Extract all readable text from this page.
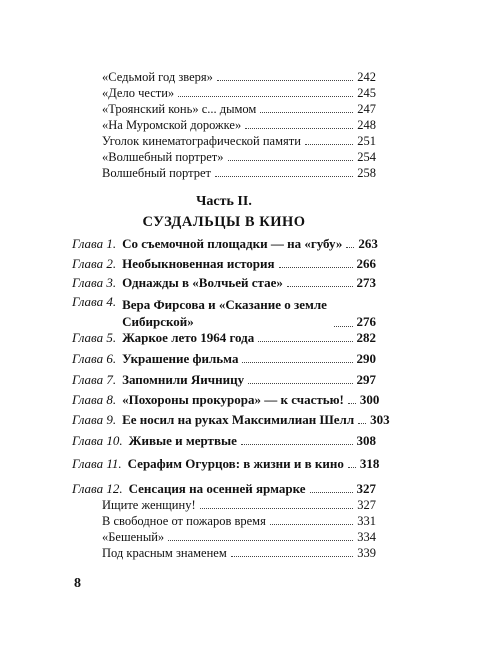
«Седьмой год зверя»	242
«Дело чести»	245
«Троянский конь» с... дымом	247
«На Муромской дорожке»	248
Уголок кинематографической памяти	251
«Волшебный портрет»	254
Волшебный портрет	258
Часть II.
СУЗДАЛЬЦЫ В КИНО
Глава 1. Со съемочной площадки — на «губу» 263
Глава 2. Необыкновенная история	266
Глава 3. Однажды в «Волчьей стае»	273
Глава 4. Вера Фирсова и «Сказание о земле Сибирской»	276
Глава 5. Жаркое лето 1964 года	282
Глава 6. Украшение фильма	290
Глава 7. Запомнили Яичницу	297
Глава 8. «Похороны прокурора» — к счастью! 300
Глава 9. Ее носил на руках Максимилиан Шелл 303
Глава 10. Живые и мертвые	308
Глава 11. Серафим Огурцов: в жизни и в кино 318
Глава 12. Сенсация на осенней ярмарке	327
Ищите женщину!	327
В свободное от пожаров время	331
«Бешеный»	334
Под красным знаменем	339
8
